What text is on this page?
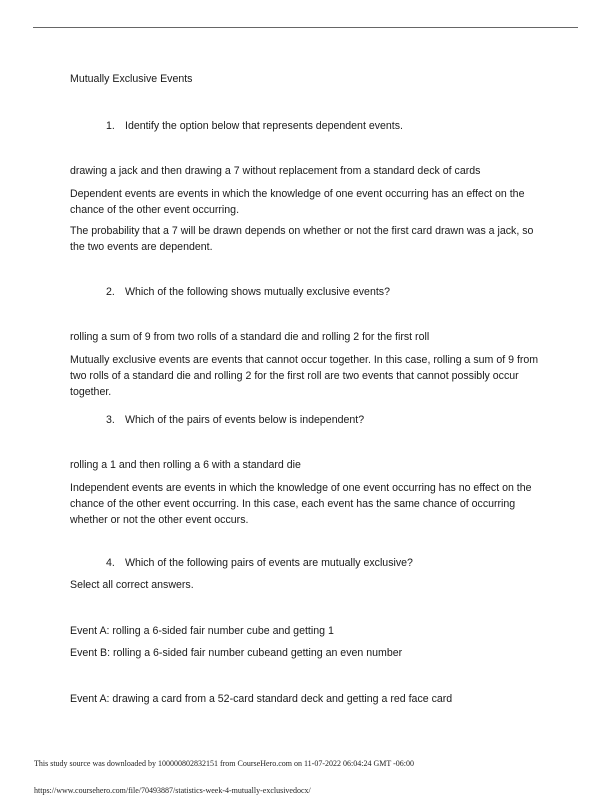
Mutually Exclusive Events
1. Identify the option below that represents dependent events.
drawing a jack and then drawing a 7 without replacement from a standard deck of cards
Dependent events are events in which the knowledge of one event occurring has an effect on the chance of the other event occurring.
The probability that a 7 will be drawn depends on whether or not the first card drawn was a jack, so the two events are dependent.
2. Which of the following shows mutually exclusive events?
rolling a sum of 9 from two rolls of a standard die and rolling 2 for the first roll
Mutually exclusive events are events that cannot occur together. In this case, rolling a sum of 9 from two rolls of a standard die and rolling 2 for the first roll are two events that cannot possibly occur together.
3. Which of the pairs of events below is independent?
rolling a 1 and then rolling a 6 with a standard die
Independent events are events in which the knowledge of one event occurring has no effect on the chance of the other event occurring. In this case, each event has the same chance of occurring whether or not the other event occurs.
4. Which of the following pairs of events are mutually exclusive?
Select all correct answers.
Event A: rolling a 6-sided fair number cube and getting 1
Event B: rolling a 6-sided fair number cubeand getting an even number
Event A: drawing a card from a 52-card standard deck and getting a red face card
This study source was downloaded by 100000802832151 from CourseHero.com on 11-07-2022 06:04:24 GMT -06:00
https://www.coursehero.com/file/70493887/statistics-week-4-mutually-exclusivedocx/
